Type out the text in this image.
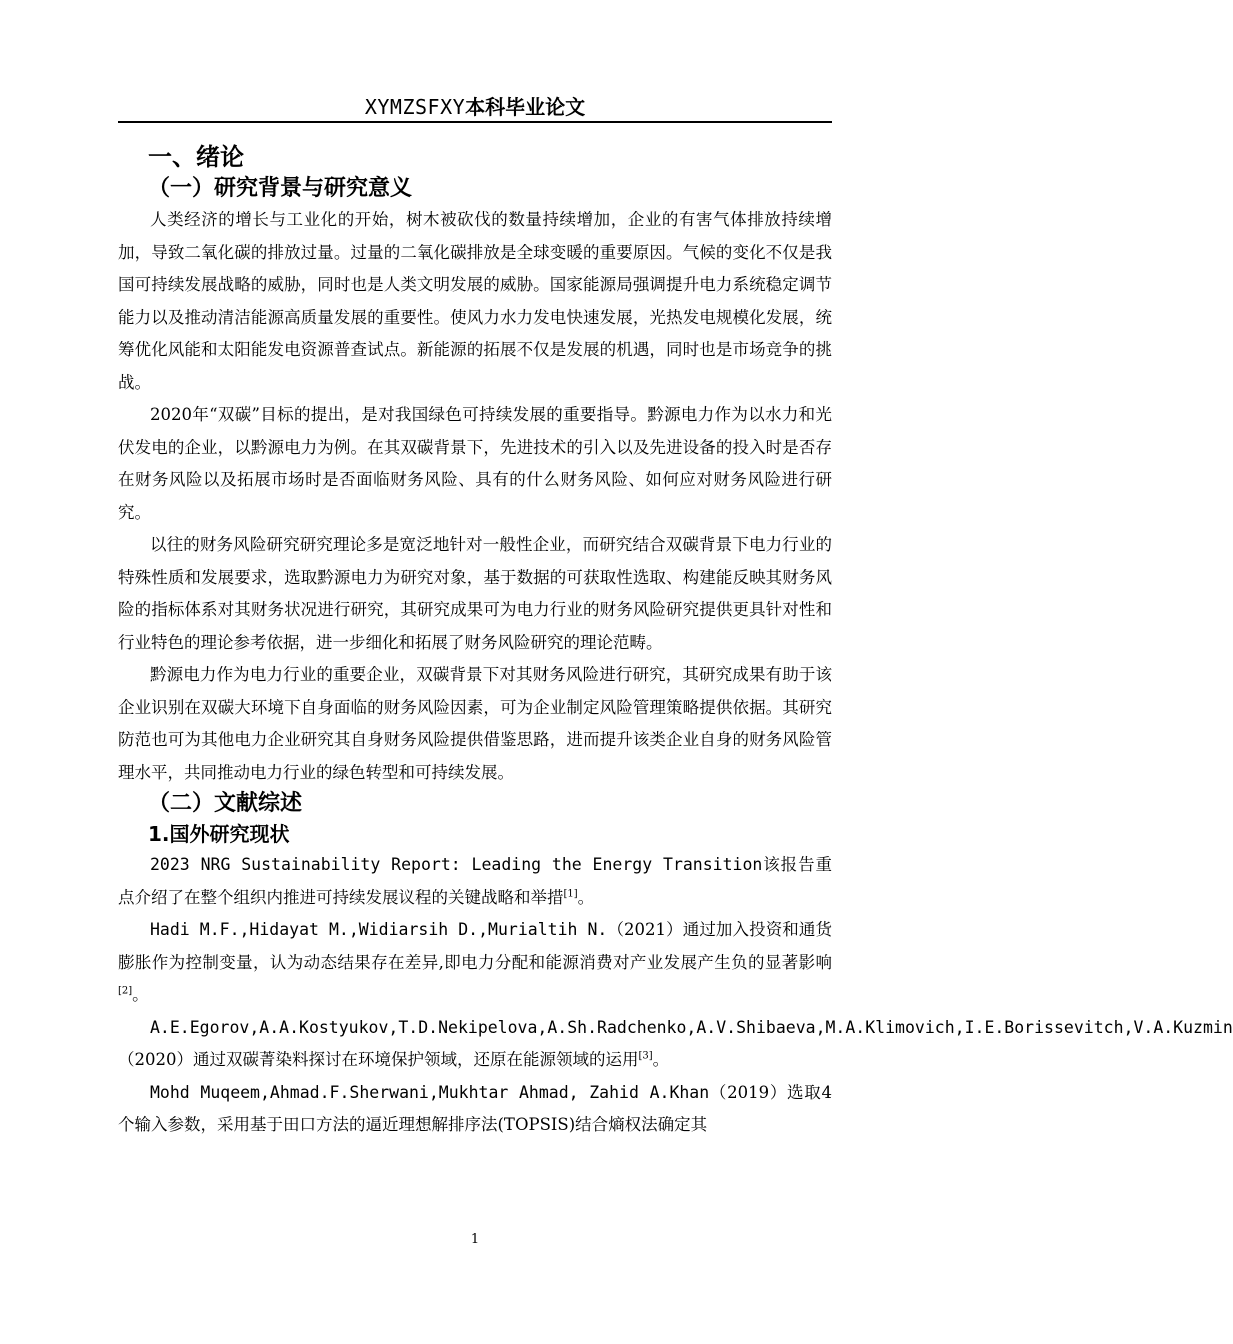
XYMZSFXY本科毕业论文
一、绪论
（一）研究背景与研究意义

人类经济的增长与工业化的开始，树木被砍伐的数量持续增加，企业的有害气体排放持续增加，导致二氧化碳的排放过量。过量的二氧化碳排放是全球变暖的重要原因。气候的变化不仅是我国可持续发展战略的威胁，同时也是人类文明发展的威胁。国家能源局强调提升电力系统稳定调节能力以及推动清洁能源高质量发展的重要性。使风力水力发电快速发展，光热发电规模化发展，统筹优化风能和太阳能发电资源普查试点。新能源的拓展不仅是发展的机遇，同时也是市场竞争的挑战。

2020年“双碳”目标的提出，是对我国绿色可持续发展的重要指导。黔源电力作为以水力和光伏发电的企业，以黔源电力为例。在其双碳背景下，先进技术的引入以及先进设备的投入时是否存在财务风险以及拓展市场时是否面临财务风险、具有的什么财务风险、如何应对财务风险进行研究。

以往的财务风险研究研究理论多是宽泛地针对一般性企业，而研究结合双碳背景下电力行业的特殊性质和发展要求，选取黔源电力为研究对象，基于数据的可获取性选取、构建能反映其财务风险的指标体系对其财务状况进行研究，其研究成果可为电力行业的财务风险研究提供更具针对性和行业特色的理论参考依据，进一步细化和拓展了财务风险研究的理论范畴。

黔源电力作为电力行业的重要企业，双碳背景下对其财务风险进行研究，其研究成果有助于该企业识别在双碳大环境下自身面临的财务风险因素，可为企业制定风险管理策略提供依据。其研究防范也可为其他电力企业研究其自身财务风险提供借鉴思路，进而提升该类企业自身的财务风险管理水平，共同推动电力行业的绿色转型和可持续发展。

（二）文献综述
1.国外研究现状

2023 NRG Sustainability Report: Leading the Energy Transition该报告重点介绍了在整个组织内推进可持续发展议程的关键战略和举措[1]。

Hadi M.F.,Hidayat M.,Widiarsih D.,Murialtih N.（2021）通过加入投资和通货膨胀作为控制变量，认为动态结果存在差异,即电力分配和能源消费对产业发展产生负的显著影响[2]。

A.E.Egorov,A.A.Kostyukov,T.D.Nekipelova,A.Sh.Radchenko,A.V.Shibaeva,M.A.Klimovich,I.E.Borissevitch,V.A.Kuzmin（2020）通过双碳菁染料探讨在环境保护领域，还原在能源领域的运用[3]。

Mohd Muqeem,Ahmad.F.Sherwani,Mukhtar Ahmad, Zahid A.Khan（2019）选取4个输入参数，采用基于田口方法的逼近理想解排序法(TOPSIS)结合熵权法确定其

1
